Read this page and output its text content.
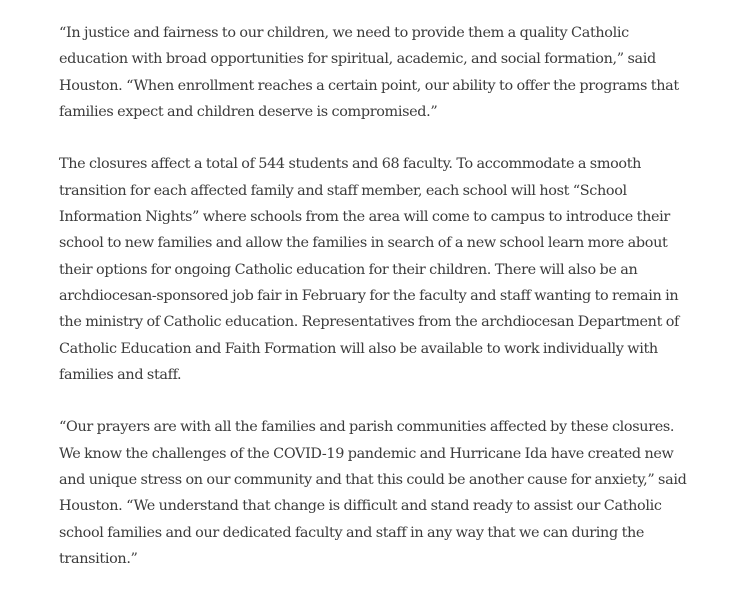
“In justice and fairness to our children, we need to provide them a quality Catholic education with broad opportunities for spiritual, academic, and social formation,” said Houston. “When enrollment reaches a certain point, our ability to offer the programs that families expect and children deserve is compromised.”

The closures affect a total of 544 students and 68 faculty. To accommodate a smooth transition for each affected family and staff member, each school will host “School Information Nights” where schools from the area will come to campus to introduce their school to new families and allow the families in search of a new school learn more about their options for ongoing Catholic education for their children. There will also be an archdiocesan-sponsored job fair in February for the faculty and staff wanting to remain in the ministry of Catholic education. Representatives from the archdiocesan Department of Catholic Education and Faith Formation will also be available to work individually with families and staff.

“Our prayers are with all the families and parish communities affected by these closures. We know the challenges of the COVID-19 pandemic and Hurricane Ida have created new and unique stress on our community and that this could be another cause for anxiety,” said Houston. “We understand that change is difficult and stand ready to assist our Catholic school families and our dedicated faculty and staff in any way that we can during the transition.”
